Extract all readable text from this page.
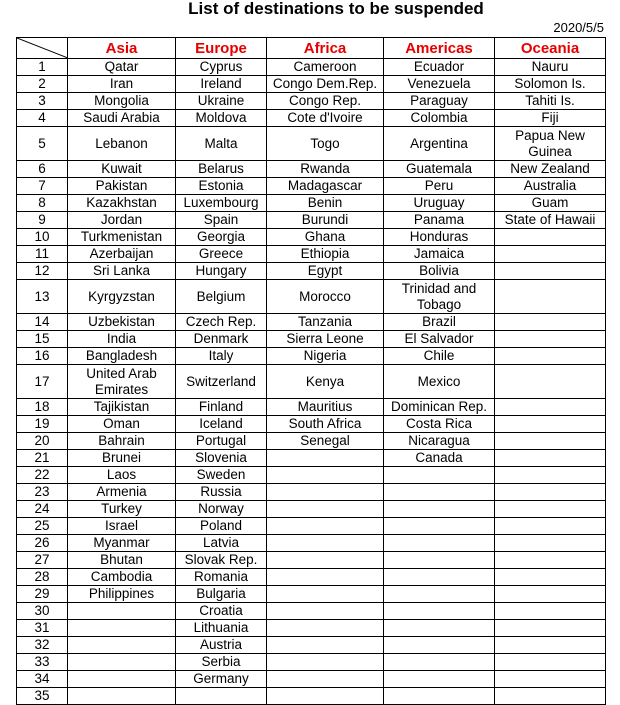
List of destinations to be suspended
2020/5/5
	Asia	Europe	Africa	Americas	Oceania
1	Qatar	Cyprus	Cameroon	Ecuador	Nauru
2	Iran	Ireland	Congo Dem.Rep.	Venezuela	Solomon Is.
3	Mongolia	Ukraine	Congo Rep.	Paraguay	Tahiti Is.
4	Saudi Arabia	Moldova	Cote d'Ivoire	Colombia	Fiji
5	Lebanon	Malta	Togo	Argentina	Papua New Guinea
6	Kuwait	Belarus	Rwanda	Guatemala	New Zealand
7	Pakistan	Estonia	Madagascar	Peru	Australia
8	Kazakhstan	Luxembourg	Benin	Uruguay	Guam
9	Jordan	Spain	Burundi	Panama	State of Hawaii
10	Turkmenistan	Georgia	Ghana	Honduras	
11	Azerbaijan	Greece	Ethiopia	Jamaica	
12	Sri Lanka	Hungary	Egypt	Bolivia	
13	Kyrgyzstan	Belgium	Morocco	Trinidad and Tobago	
14	Uzbekistan	Czech Rep.	Tanzania	Brazil	
15	India	Denmark	Sierra Leone	El Salvador	
16	Bangladesh	Italy	Nigeria	Chile	
17	United Arab Emirates	Switzerland	Kenya	Mexico	
18	Tajikistan	Finland	Mauritius	Dominican Rep.	
19	Oman	Iceland	South Africa	Costa Rica	
20	Bahrain	Portugal	Senegal	Nicaragua	
21	Brunei	Slovenia		Canada	
22	Laos	Sweden			
23	Armenia	Russia			
24	Turkey	Norway			
25	Israel	Poland			
26	Myanmar	Latvia			
27	Bhutan	Slovak Rep.			
28	Cambodia	Romania			
29	Philippines	Bulgaria			
30		Croatia			
31		Lithuania			
32		Austria			
33		Serbia			
34		Germany			
35					
